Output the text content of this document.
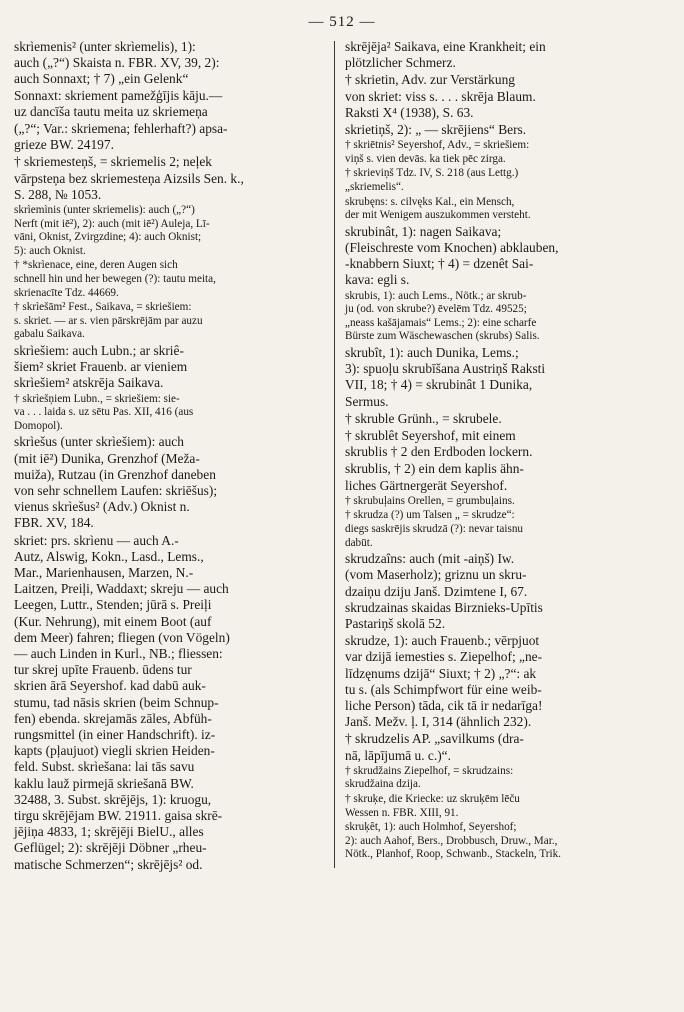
— 512 —

skrìemenis² (unter skrìemelis), 1):
auch („?“) Skaista n. FBR. XV, 39, 2):
auch Sonnaxt; † 7) „ein Gelenk“
Sonnaxt: skriement pamežģījis kāju.—
uz dancīša tautu meita uz skriemeņa

(„?“; Var.: skriemena; fehlerhaft?) apsa-
grieze BW. 24197.

† skriemesteņš, = skriemelis 2; neļek
vārpsteņa bez skriemesteņa Aizsils Sen. k.,
S. 288, № 1053.

skrìemìnis (unter skriemelis): auch („?“)
Nerft (mit iē²), 2): auch (mit iē²) Auleja, Lī-
vāni, Oknist, Zvirgzdine; 4): auch Oknist;
5): auch Oknist.

† *skrìenace, eine, deren Augen sich
schnell hin und her bewegen (?): tautu meita,
skrienacīte Tdz. 44669.

† skrìešām² Fest., Saikava, = skriešiem:
s. skriet. — ar s. vien pārskrējām par auzu
gabalu Saikava.

skrìešiem: auch Lubn.; ar skriê-
šiem² skriet Frauenb. ar vieniem
skrìešiem² atskrēja Saikava.

† skrìešņiem Lubn., = skriešiem: sie-
va . . . laida s. uz sētu Pas. XII, 416 (aus
Domopol).

skrìešus (unter skrìešiem): auch
(mit iē²) Dunika, Grenzhof (Meža-
muiža), Rutzau (in Grenzhof daneben
von sehr schnellem Laufen: skriēšus);
vienus skrìešus² (Adv.) Oknist n.
FBR. XV, 184.

skriet: prs. skrìenu — auch A.-
Autz, Alswig, Kokn., Lasd., Lems.,
Mar., Marienhausen, Marzen, N.-
Laitzen, Preiļi, Waddaxt; skreju — auch
Leegen, Luttr., Stenden; jūrā s. Preiļi
(Kur. Nehrung), mit einem Boot (auf
dem Meer) fahren; fliegen (von Vögeln)
— auch Linden in Kurl., NB.; fliessen:
tur skrej upīte Frauenb. ūdens tur
skrien ārā Seyershof. kad dabū auk-
stumu, tad nāsis skrien (beim Schnup-
fen) ebenda. skrejamās zāles, Abfüh-
rungsmittel (in einer Handschrift). iz-
kapts (pļaujuot) viegli skrien Heiden-
feld. Subst. skrìešana: lai tās savu
kaklu lauž pirmejā skriešanā BW.
32488, 3. Subst. skrējējs, 1): kruogu,
tirgu skrējējam BW. 21911. gaisa skrē-
jējiņa 4833, 1; skrējēji BielU., alles
Geflügel; 2): skrējēji Döbner „rheu-
matische Schmerzen“; skrējējs² od.

skrējēja² Saikava, eine Krankheit; ein
plötzlicher Schmerz.

† skrietin, Adv. zur Verstärkung
von skriet: viss s. . . . skrēja Blaum.
Raksti X⁴ (1938), S. 63.

skrietiņš, 2): „ — skrējiens“ Bers.

† skriētnis² Seyershof, Adv., = skriešiem:
viņš s. vien devās. ka tiek pēc zirga.

† skrieviņš Tdz. IV, S. 218 (aus Lettg.)
„skriemelis“.

skrubęns: s. cilvęks Kal., ein Mensch,
der mit Wenigem auszukommen versteht.

skrubinât, 1): nagen Saikava;
(Fleischreste vom Knochen) abklauben,
-knabbern Siuxt; † 4) = dzenêt Sai-
kava: egli s.

skrubis, 1): auch Lems., Nötk.; ar skrub-
ju (od. von skrube?) ēvelēm Tdz. 49525;
„neass kašājamais“ Lems.; 2): eine scharfe
Bürste zum Wäschewaschen (skrubs) Salis.

skrubît, 1): auch Dunika, Lems.;
3): spuoļu skrubīšana Austriņš Raksti
VII, 18; † 4) = skrubinât 1 Dunika,
Sermus.

† skruble Grünh., = skrubele.

† skrublêt Seyershof, mit einem
skrublis † 2 den Erdboden lockern.

skrublis, † 2) ein dem kaplis ähn-
liches Gärtnergerät Seyershof.

† skrubuļains Orellen, = grumbuļains.

† skrudza (?) um Talsen „ = skrudze“:
diegs saskrējis skrudzā (?): nevar taisnu
dabūt.

skrudzaîns: auch (mit -aiņš) Iw.
(vom Maserholz); griznu un skru-
dzaiņu dziju Janš. Dzimtene I, 67.
skrudzainas skaidas Birznieks-Upītis
Pastariņš skolā 52.

skrudze, 1): auch Frauenb.; vērpjuot
var dzijā iemesties s. Ziepelhof; „ne-
līdzęnums dzijā“ Siuxt; † 2) „?“: ak
tu s. (als Schimpfwort für eine weib-
liche Person) tāda, cik tā ir nedarīga!
Janš. Mežv. ļ. I, 314 (ähnlich 232).

† skrudzelis AP. „savilkums (dra-
nā, lāpījumā u. c.)“.

† skrudžains Ziepelhof, = skrudzains:
skrudžaina dzija.

† skruķe, die Kriecke: uz skruķēm lēču
Wessen n. FBR. XIII, 91.

skruķêt, 1): auch Holmhof, Seyershof;
2): auch Aahof, Bers., Drobbusch, Druw., Mar.,
Nötk., Planhof, Roop, Schwanb., Stackeln, Trik.
